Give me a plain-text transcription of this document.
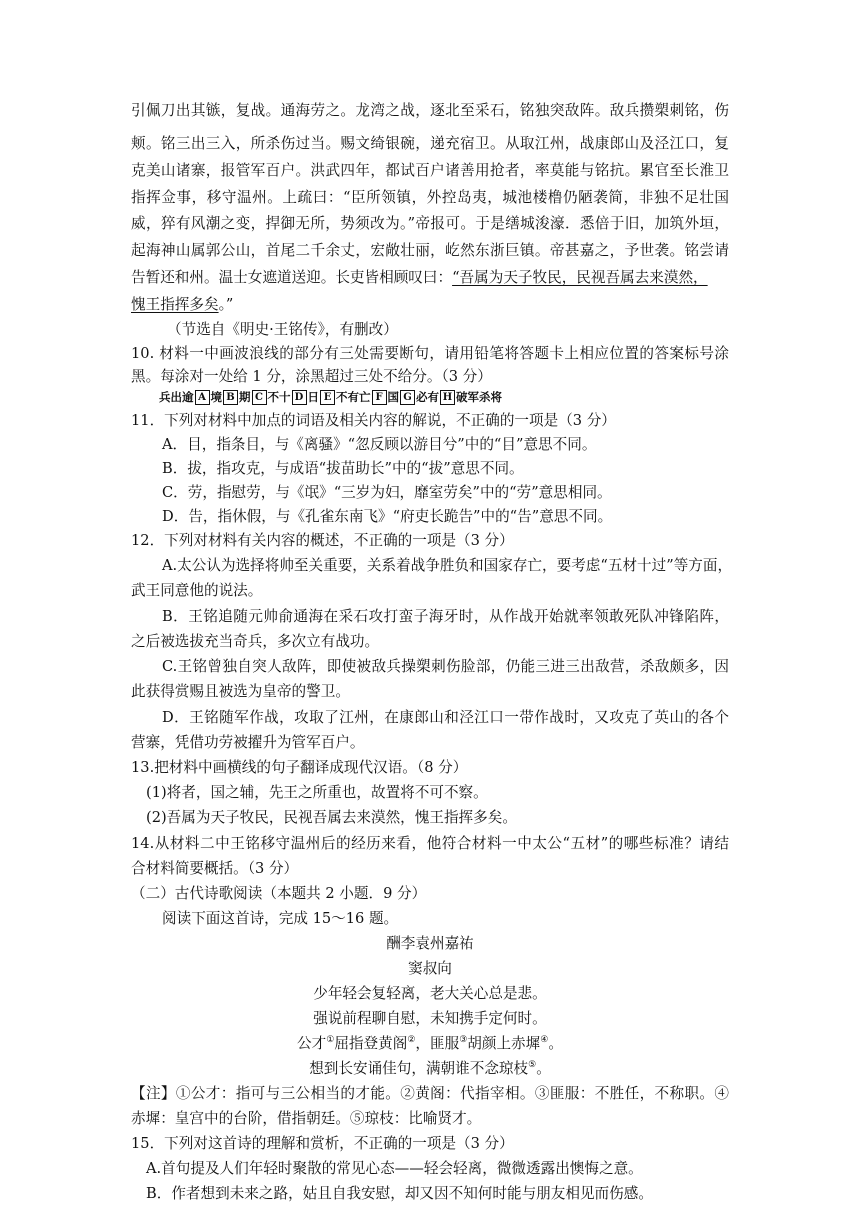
引佩刀出其镞，复战。通海劳之。龙湾之战，逐北至采石，铭独突敌阵。敌兵攒槊刺铭，伤
颊。铭三出三入，所杀伤过当。赐文绮银碗，递充宿卫。从取江州，战康郎山及泾江口，复
克美山诸寨，报管军百户。洪武四年，都试百户诸善用抢者，率莫能与铭抗。累官至长淮卫
指挥佥事，移守温州。上疏曰：“臣所领镇，外控岛夷，城池楼橹仍陋袭简，非独不足壮国
威，猝有风潮之变，捍御无所，势须改为。”帝报可。于是缮城浚濠．悉倍于旧，加筑外垣，
起海神山属郭公山，首尾二千余丈，宏敞壮丽，屹然东浙巨镇。帝甚嘉之，予世袭。铭尝请
告暂还和州。温士女遮道送迎。长吏皆相顾叹曰：“吾属为天子牧民，民视吾属去来漠然，
愧王指挥多矣。”
（节选自《明史·王铭传》，有删改）
10. 材料一中画波浪线的部分有三处需要断句，请用铅笔将答题卡上相应位置的答案标号涂
黑。每涂对一处给 1 分，涂黑超过三处不给分。（3 分）
兵出逾 A 境 B 期 C 不十 D 日 E 不有亡 F 国 G 必有 H 破军杀将
11．下列对材料中加点的词语及相关内容的解说，不正确的一项是（3 分）
A．目，指条目，与《离骚》“忽反顾以游目兮”中的“目”意思不同。
B．拔，指攻克，与成语“拔苗助长”中的“拔”意思不同。
C．劳，指慰劳，与《氓》“三岁为妇，靡室劳矣”中的“劳”意思相同。
D．告，指休假，与《孔雀东南飞》“府吏长跪告”中的“告”意思不同。
12．下列对材料有关内容的概述，不正确的一项是（3 分）
A.太公认为选择将帅至关重要，关系着战争胜负和国家存亡，要考虑“五材十过”等方面，
武王同意他的说法。
B．王铭追随元帅俞通海在采石攻打蛮子海牙时，从作战开始就率领敢死队冲锋陷阵，
之后被选拔充当奇兵，多次立有战功。
C.王铭曾独自突人敌阵，即使被敌兵操槊刺伤脸部，仍能三进三出敌营，杀敌颇多，因
此获得赏赐且被选为皇帝的警卫。
D．王铭随军作战，攻取了江州，在康郎山和泾江口一带作战时，又攻克了英山的各个
营寨，凭借功劳被擢升为管军百户。
13.把材料中画横线的句子翻译成现代汉语。（8 分）
(1)将者，国之辅，先王之所重也，故置将不可不察。
(2)吾属为天子牧民，民视吾属去来漠然，愧王指挥多矣。
14.从材料二中王铭移守温州后的经历来看，他符合材料一中太公“五材”的哪些标准？请结
合材料简要概括。（3 分）
（二）古代诗歌阅读（本题共 2 小题．9 分）
阅读下面这首诗，完成 15～16 题。
酬李袁州嘉祐
窦叔向
少年轻会复轻离，老大关心总是悲。
强说前程聊自慰，未知携手定何时。
公才①屈指登黄阁②，匪服③胡颜上赤墀④。
想到长安诵佳句，满朝谁不念琼枝⑤。
【注】①公才：指可与三公相当的才能。②黄阁：代指宰相。③匪服：不胜任，不称职。④
赤墀：皇宫中的台阶，借指朝廷。⑤琼枝：比喻贤才。
15．下列对这首诗的理解和赏析，不正确的一项是（3 分）
A.首句提及人们年轻时聚散的常见心态——轻会轻离，微微透露出懊悔之意。
B．作者想到未来之路，姑且自我安慰，却又因不知何时能与朋友相见而伤感。
